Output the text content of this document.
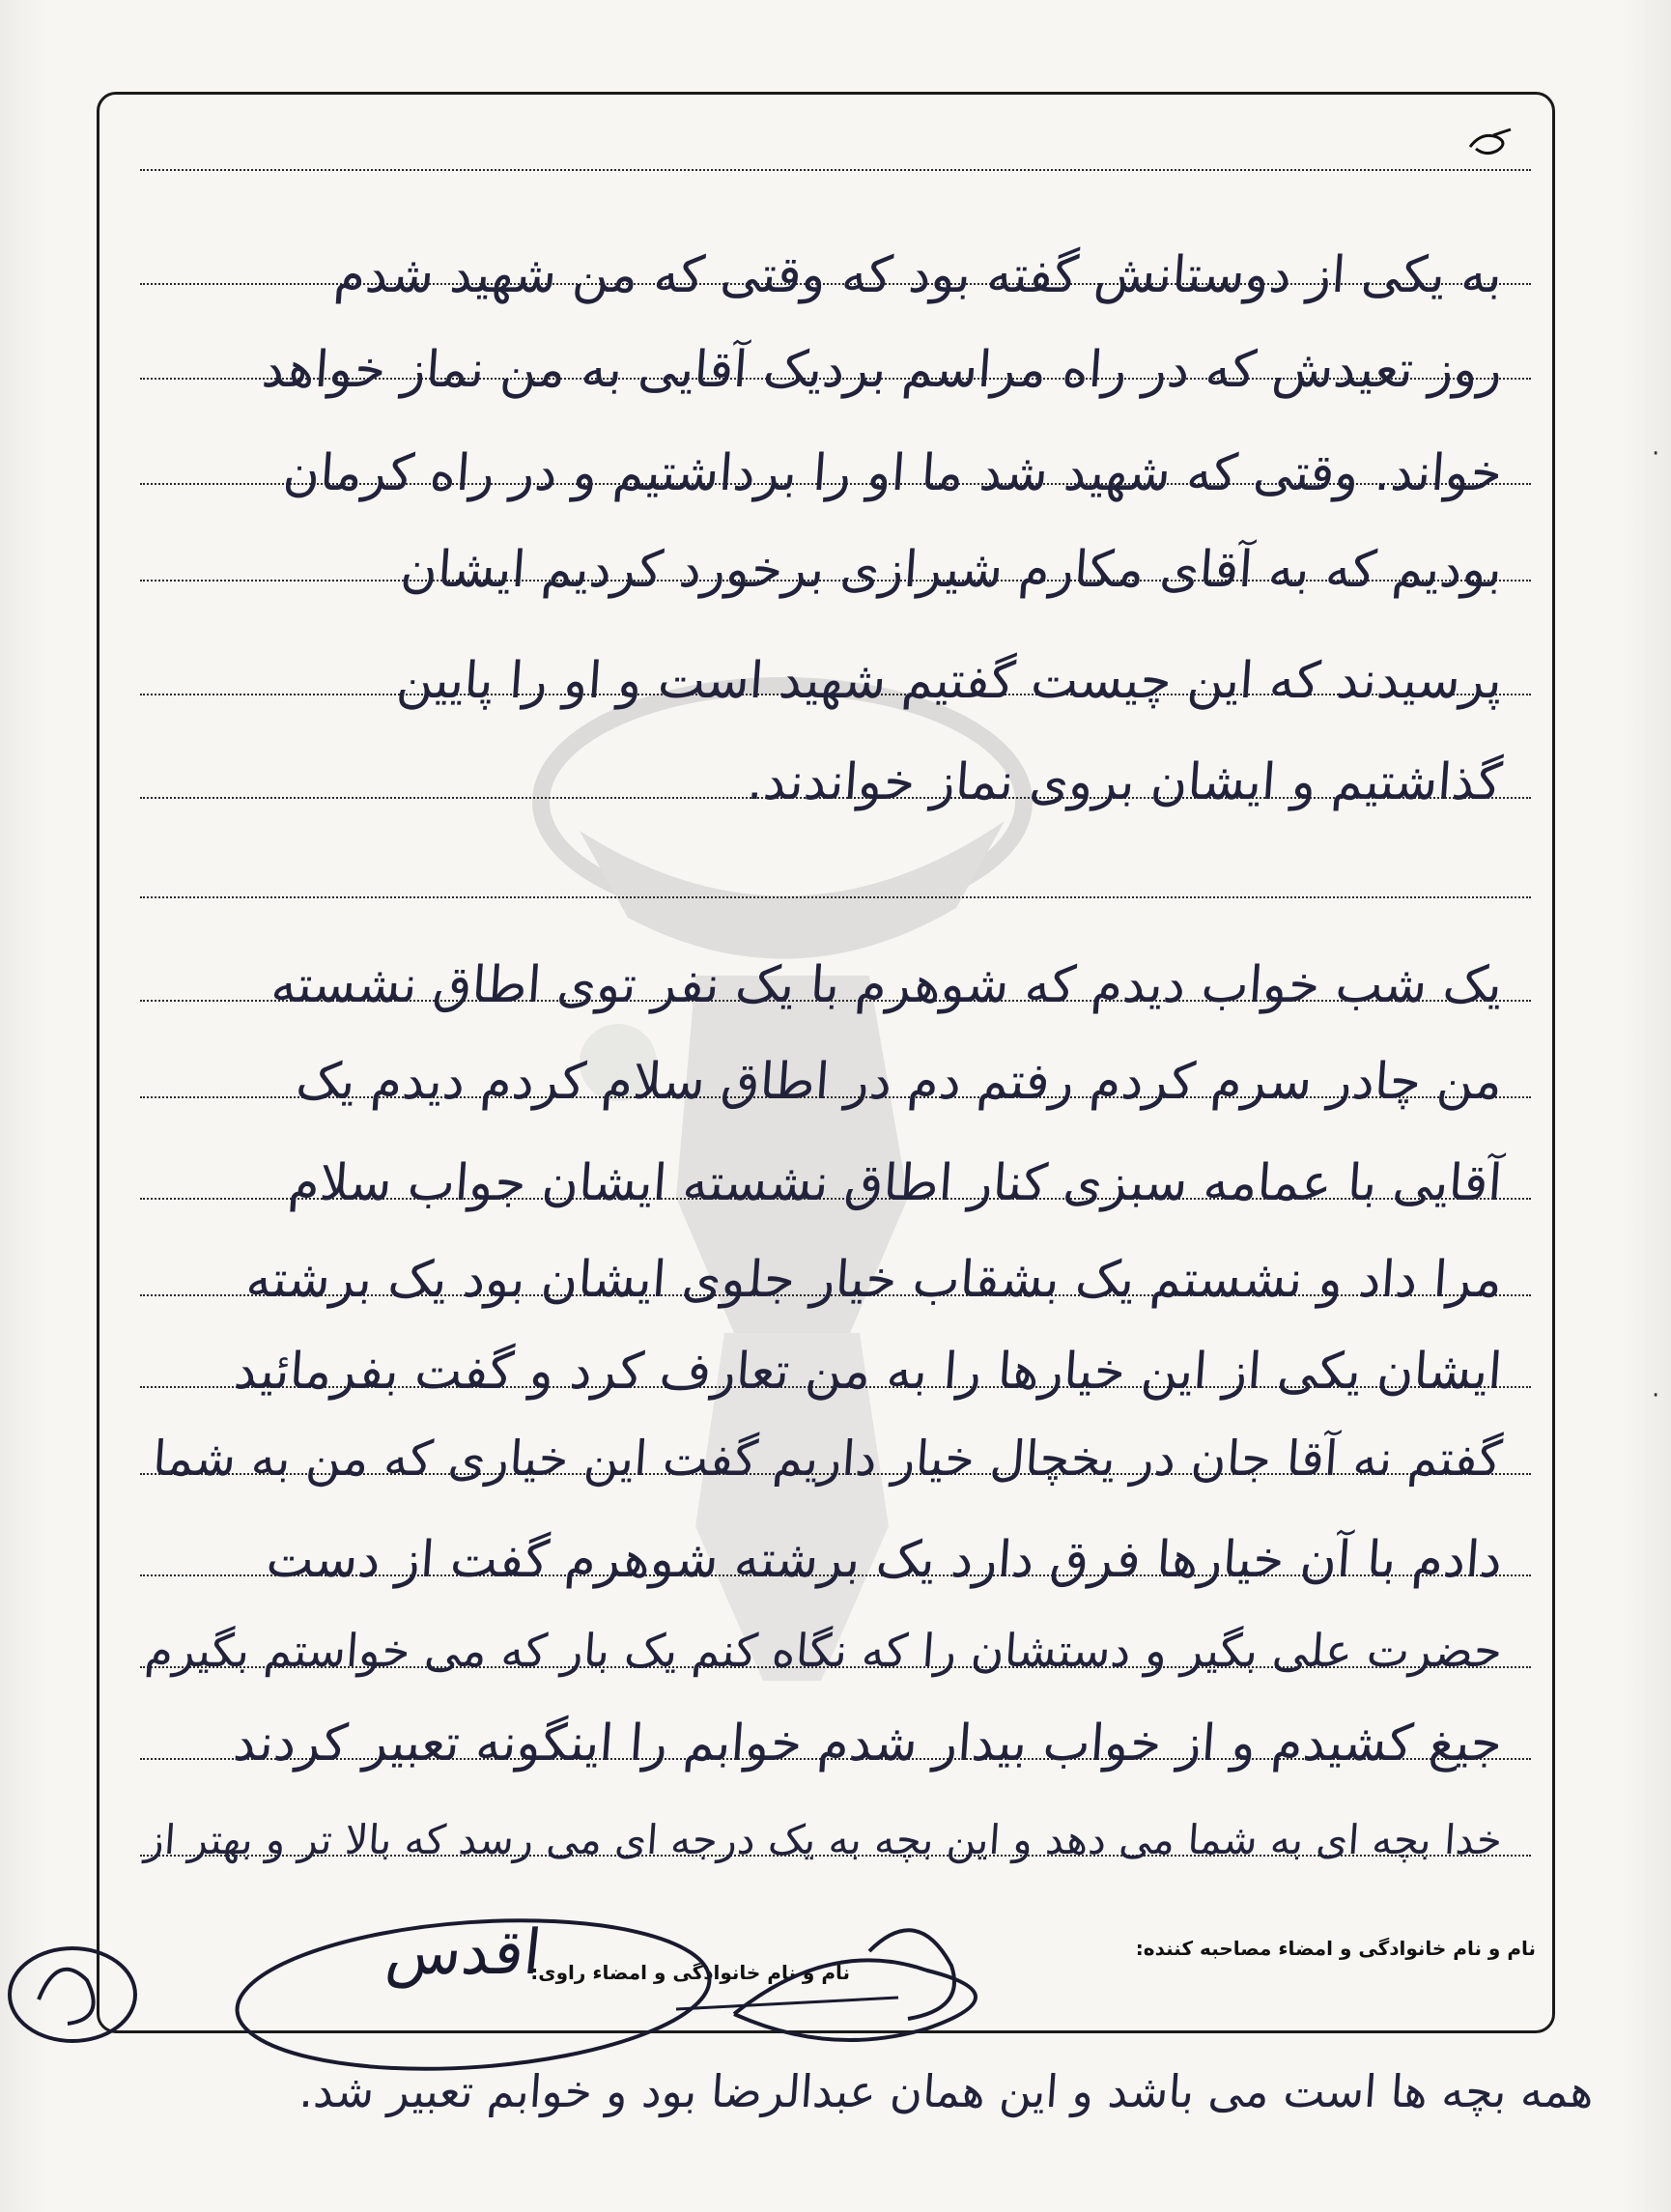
به یکی از دوستانش گفته بود که وقتی که من شهید شدم
روز تعیدش که در راه مراسم بردیک آقایی به من نماز خواهد
خواند. وقتی که شهید شد ما او را برداشتیم و در راه کرمان
بودیم که به آقای مکارم شیرازی برخورد کردیم ایشان
پرسیدند که این چیست گفتیم شهید است و او را پایین
گذاشتیم و ایشان بروی نماز خواندند.
یک شب خواب دیدم که شوهرم با یک نفر توی اطاق نشسته
من چادر سرم کردم رفتم دم در اطاق سلام کردم دیدم یک
آقایی با عمامه سبزی کنار اطاق نشسته ایشان جواب سلام
مرا داد و نشستم یک بشقاب خیار جلوی ایشان بود یک برشته
ایشان یکی از این خیارها را به من تعارف کرد و گفت بفرمائید
گفتم نه آقا جان در یخچال خیار داریم گفت این خیاری که من به شما
دادم با آن خیارها فرق دارد یک برشته شوهرم گفت از دست
حضرت علی بگیر و دستشان را که نگاه کنم یک بار که می خواستم بگیرم
جیغ کشیدم و از خواب بیدار شدم خوابم را اینگونه تعبیر کردند
خدا بچه ای به شما می دهد و این بچه به یک درجه ای می رسد که بالا تر و بهتر از
نام و نام خانوادگی و امضاء مصاحبه کننده:
نام و نام خانوادگی و امضاء راوی:
اقدس
همه بچه ها است می باشد و این همان عبدالرضا بود و خوابم تعبیر شد.
·
·
